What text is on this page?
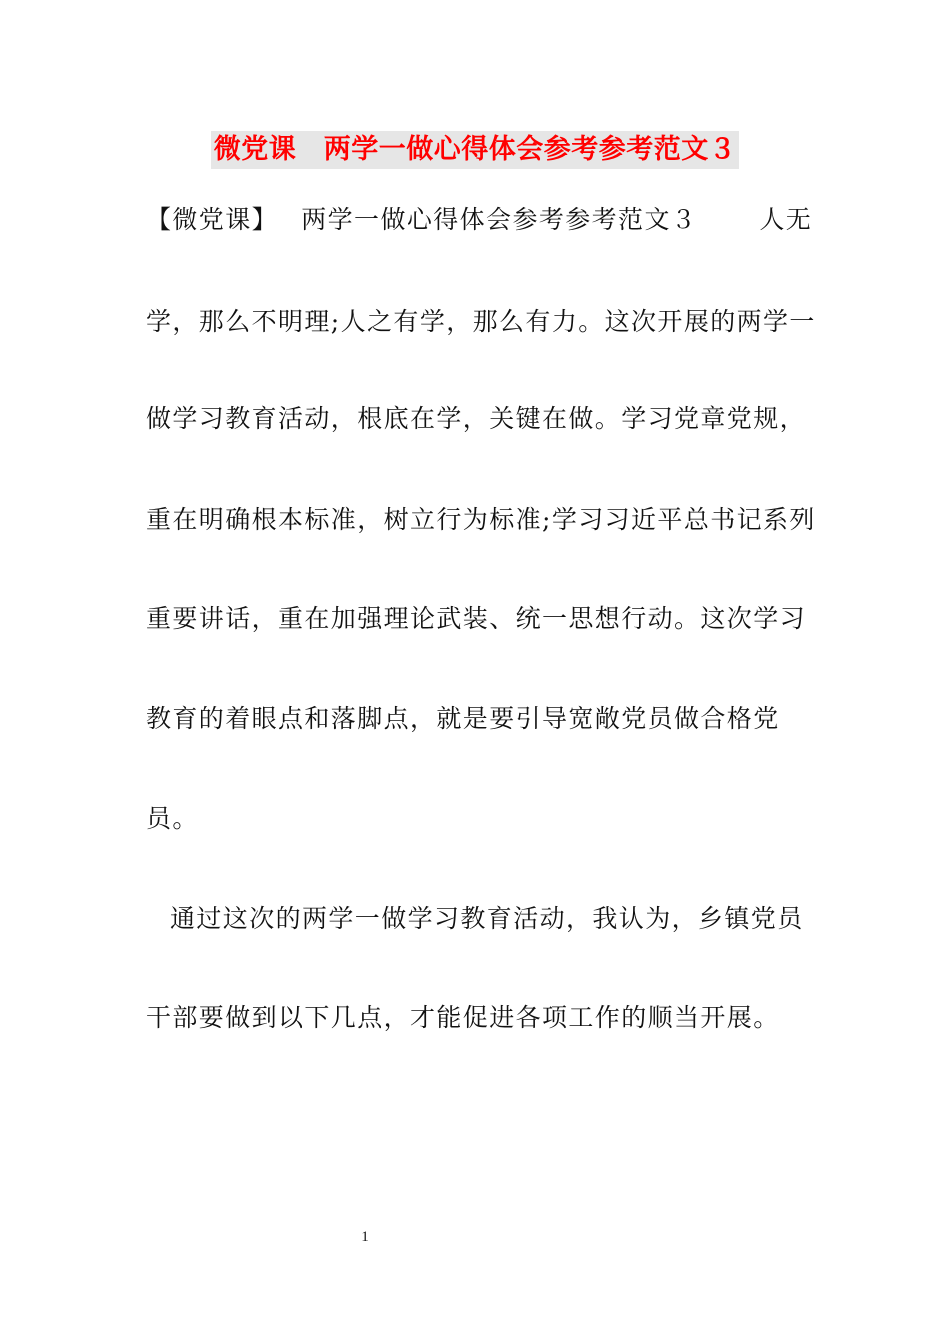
微党课　两学一做心得体会参考参考范文３
【微党课】　 两学一做心得体会参考参考范文３　　 人无
学，那么不明理;人之有学，那么有力。这次开展的两学一
做学习教育活动，根底在学，关键在做。学习党章党规，
重在明确根本标准，树立行为标准;学习习近平总书记系列
重要讲话，重在加强理论武装、统一思想行动。这次学习
教育的着眼点和落脚点，就是要引导宽敞党员做合格党
员。
通过这次的两学一做学习教育活动，我认为，乡镇党员
干部要做到以下几点，才能促进各项工作的顺当开展。
1
